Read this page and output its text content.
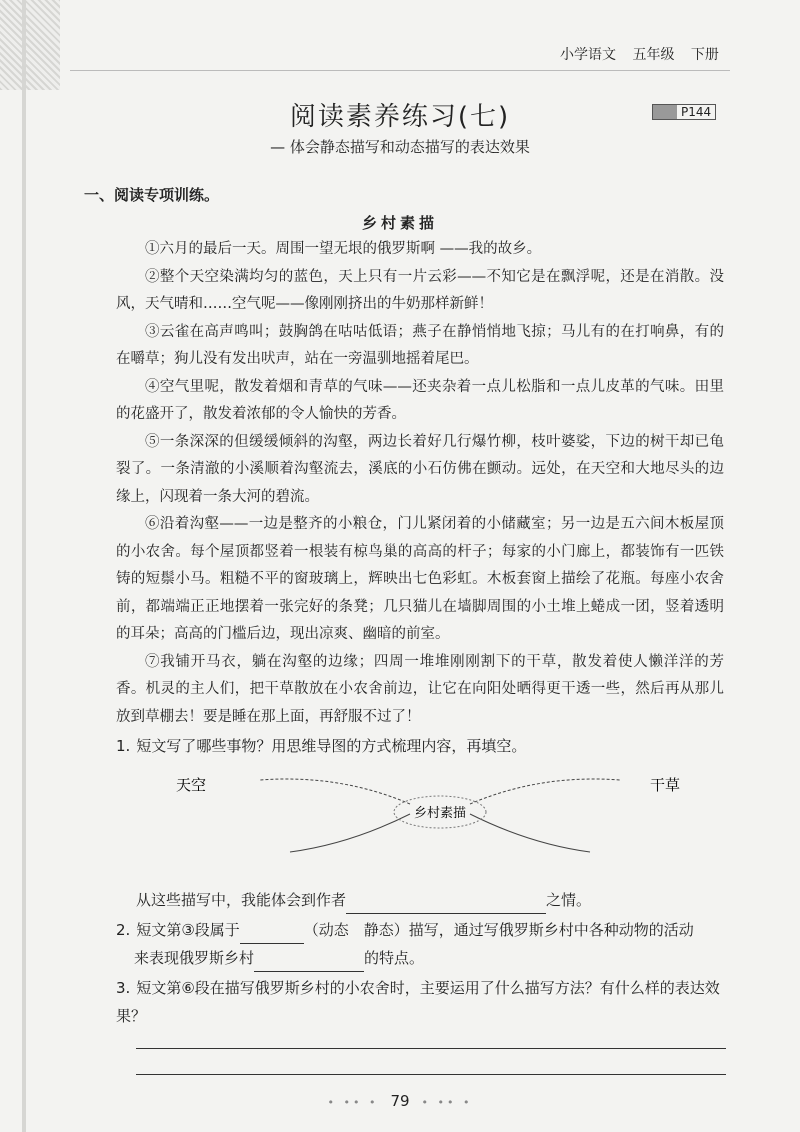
小学语文 五年级 下册
阅读素养练习(七)	P144
— 体会静态描写和动态描写的表达效果
一、阅读专项训练。
乡村素描

①六月的最后一天。周围一望无垠的俄罗斯啊 ——我的故乡。

②整个天空染满均匀的蓝色，天上只有一片云彩——不知它是在飘浮呢，还是在消散。没风，天气晴和……空气呢——像刚刚挤出的牛奶那样新鲜！

③云雀在高声鸣叫；鼓胸鸽在咕咕低语；燕子在静悄悄地飞掠；马儿有的在打响鼻，有的在嚼草；狗儿没有发出吠声，站在一旁温驯地摇着尾巴。

④空气里呢，散发着烟和青草的气味——还夹杂着一点儿松脂和一点儿皮革的气味。田里的花盛开了，散发着浓郁的令人愉快的芳香。

⑤一条深深的但缓缓倾斜的沟壑，两边长着好几行爆竹柳，枝叶婆娑，下边的树干却已龟裂了。一条清澈的小溪顺着沟壑流去，溪底的小石仿佛在颤动。远处，在天空和大地尽头的边缘上，闪现着一条大河的碧流。

⑥沿着沟壑——一边是整齐的小粮仓，门儿紧闭着的小储藏室；另一边是五六间木板屋顶的小农舍。每个屋顶都竖着一根装有椋鸟巢的高高的杆子；每家的小门廊上，都装饰有一匹铁铸的短鬃小马。粗糙不平的窗玻璃上，辉映出七色彩虹。木板套窗上描绘了花瓶。每座小农舍前，都端端正正地摆着一张完好的条凳；几只猫儿在墙脚周围的小土堆上蜷成一团，竖着透明的耳朵；高高的门槛后边，现出凉爽、幽暗的前室。

⑦我铺开马衣，躺在沟壑的边缘；四周一堆堆刚刚割下的干草，散发着使人懒洋洋的芳香。机灵的主人们，把干草散放在小农舍前边，让它在向阳处晒得更干透一些，然后再从那儿放到草棚去！要是睡在那上面，再舒服不过了！

1. 短文写了哪些事物？用思维导图的方式梳理内容，再填空。
天空	干草
乡村素描
从这些描写中，我能体会到作者	之情。
2. 短文第③段属于	（动态　静态）描写，通过写俄罗斯乡村中各种动物的活动
来表现俄罗斯乡村	的特点。
3. 短文第⑥段在描写俄罗斯乡村的小农舍时，主要运用了什么描写方法？有什么样的表达效果？
• •• • 79 • •• •
